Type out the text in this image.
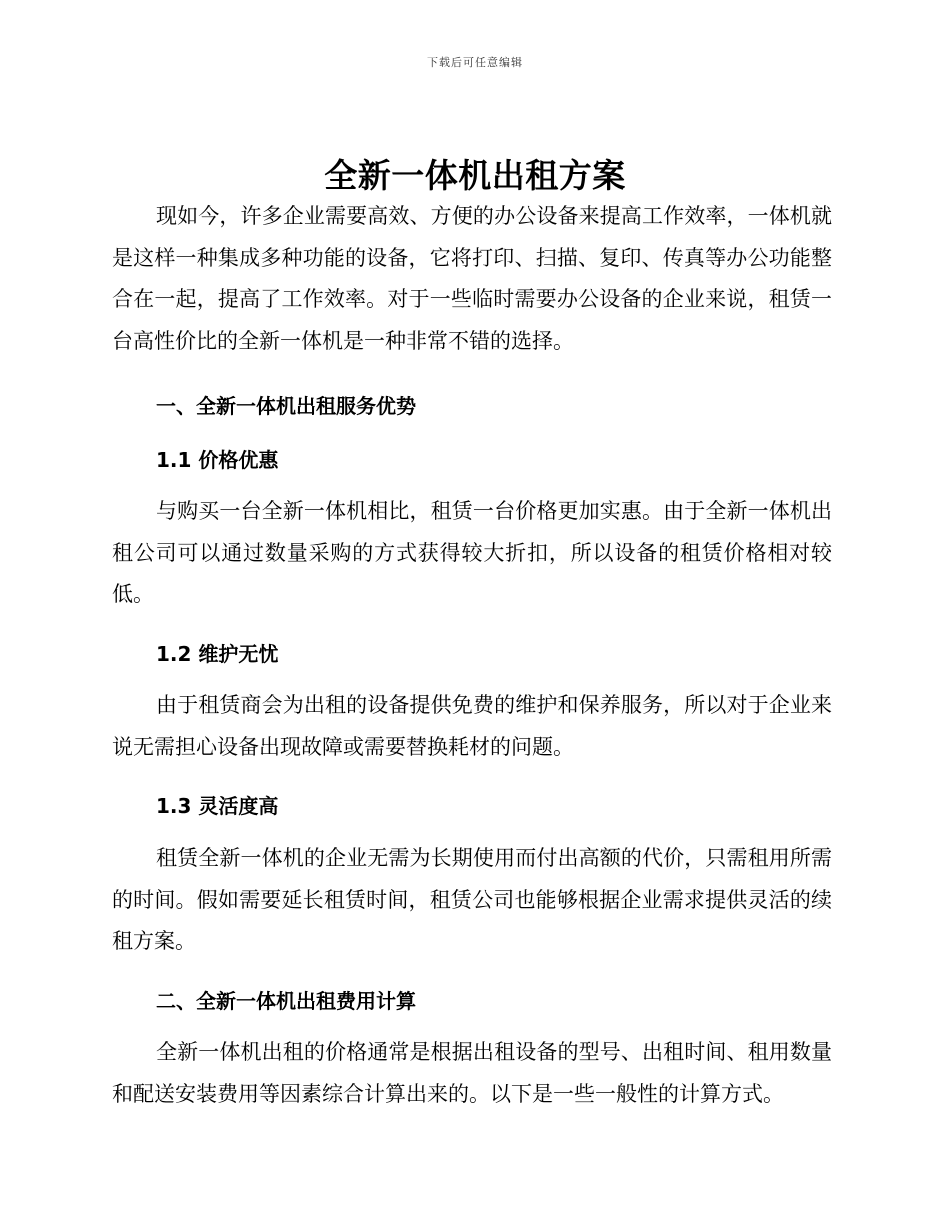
下载后可任意编辑
全新一体机出租方案

现如今，许多企业需要高效、方便的办公设备来提高工作效率，一体机就是这样一种集成多种功能的设备，它将打印、扫描、复印、传真等办公功能整合在一起，提高了工作效率。对于一些临时需要办公设备的企业来说，租赁一台高性价比的全新一体机是一种非常不错的选择。

一、全新一体机出租服务优势
1.1 价格优惠

与购买一台全新一体机相比，租赁一台价格更加实惠。由于全新一体机出租公司可以通过数量采购的方式获得较大折扣，所以设备的租赁价格相对较低。

1.2 维护无忧

由于租赁商会为出租的设备提供免费的维护和保养服务，所以对于企业来说无需担心设备出现故障或需要替换耗材的问题。

1.3 灵活度高

租赁全新一体机的企业无需为长期使用而付出高额的代价，只需租用所需的时间。假如需要延长租赁时间，租赁公司也能够根据企业需求提供灵活的续租方案。

二、全新一体机出租费用计算

全新一体机出租的价格通常是根据出租设备的型号、出租时间、租用数量和配送安装费用等因素综合计算出来的。以下是一些一般性的计算方式。
